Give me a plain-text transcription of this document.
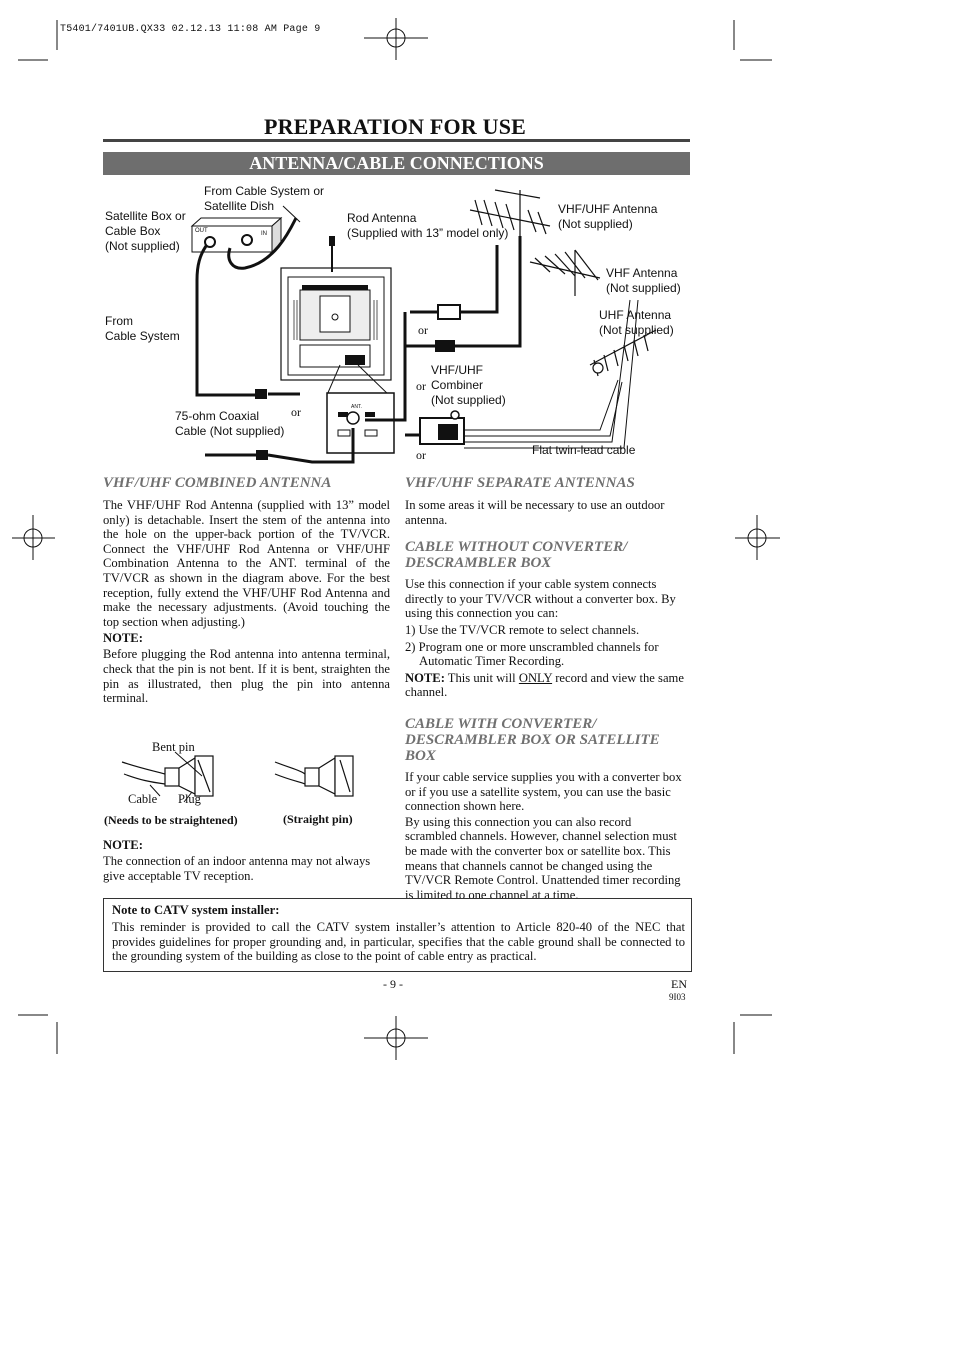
T5401/7401UB.QX33 02.12.13 11:08 AM Page 9
PREPARATION FOR USE
ANTENNA/CABLE CONNECTIONS
From Cable System or
Satellite Dish
Satellite Box or
Cable Box
(Not supplied)
OUT	IN
Rod Antenna
(Supplied with 13” model only)
VHF/UHF Antenna
(Not supplied)
VHF Antenna
(Not supplied)
UHF Antenna
(Not supplied)
From
Cable System	or
or
or
or
VHF/UHF
Combiner
(Not supplied)
75-ohm Coaxial
Cable (Not supplied)
Flat twin-lead cable
ANT.
VHF/UHF COMBINED ANTENNA
The VHF/UHF Rod Antenna (supplied with 13” model only) is detachable. Insert the stem of the antenna into the hole on the upper-back portion of the TV/VCR. Connect the VHF/UHF Rod Antenna or VHF/UHF Combination Antenna to the ANT. terminal of the TV/VCR as shown in the diagram above. For the best reception, fully extend the VHF/UHF Rod Antenna and make the necessary adjustments. (Avoid touching the top section when adjusting.)
NOTE:
Before plugging the Rod antenna into antenna terminal, check that the pin is not bent. If it is bent, straighten the pin as illustrated, then plug the pin into antenna terminal.
Bent pin
Cable Plug
(Needs to be straightened)	(Straight pin)
NOTE:
The connection of an indoor antenna may not always give acceptable TV reception.
VHF/UHF SEPARATE ANTENNAS
In some areas it will be necessary to use an outdoor antenna.
CABLE WITHOUT CONVERTER/ DESCRAMBLER BOX
Use this connection if your cable system connects directly to your TV/VCR without a converter box. By using this connection you can:
1) Use the TV/VCR remote to select channels.
2) Program one or more unscrambled channels for Automatic Timer Recording.
NOTE: This unit will ONLY record and view the same channel.
CABLE WITH CONVERTER/ DESCRAMBLER BOX OR SATELLITE BOX
If your cable service supplies you with a converter box or if you use a satellite system, you can use the basic connection shown here.
By using this connection you can also record scrambled channels. However, channel selection must be made with the converter box or satellite box. This means that channels cannot be changed using the TV/VCR Remote Control. Unattended timer recording is limited to one channel at a time.
Note to CATV system installer:
This reminder is provided to call the CATV system installer’s attention to Article 820-40 of the NEC that provides guidelines for proper grounding and, in particular, specifies that the cable ground shall be connected to the grounding system of the building as close to the point of cable entry as practical.
- 9 -	EN
9I03
